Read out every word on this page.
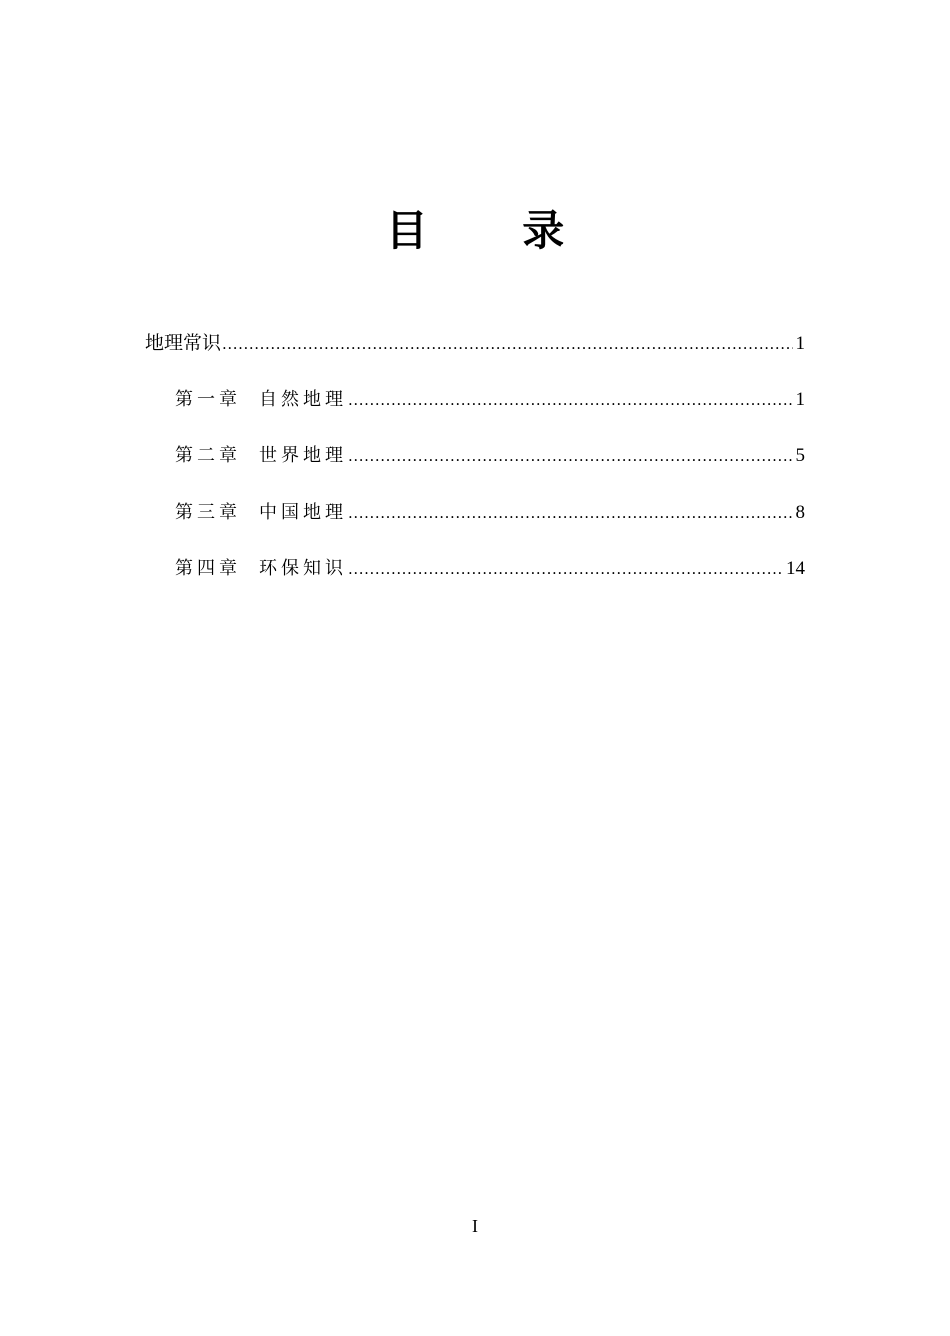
目 录
地理常识 .....	1
第一章 自然地理 .....	1
第二章 世界地理 .....	5
第三章 中国地理 .....	8
第四章 环保知识 .....	14
I
